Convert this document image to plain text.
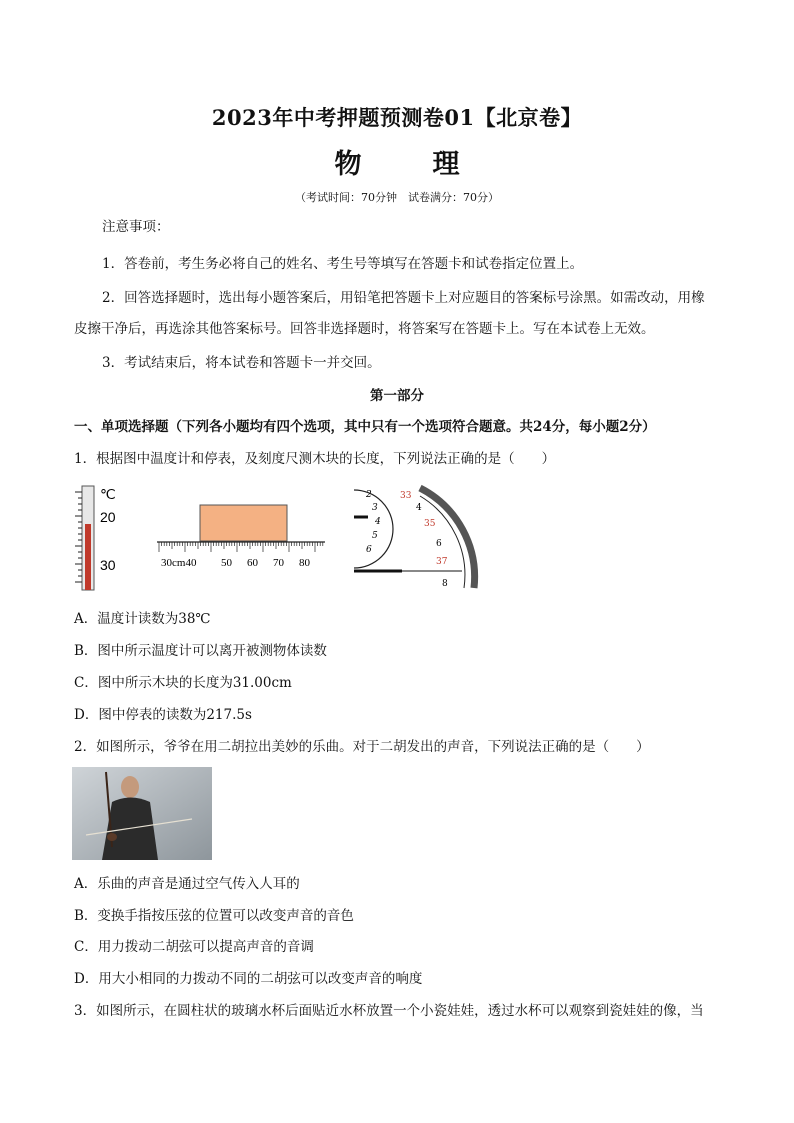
2023年中考押题预测卷01【北京卷】
物　理
（考试时间：70分钟　试卷满分：70分）
注意事项：
1．答卷前，考生务必将自己的姓名、考生号等填写在答题卡和试卷指定位置上。
2．回答选择题时，选出每小题答案后，用铅笔把答题卡上对应题目的答案标号涂黑。如需改动，用橡
皮擦干净后，再选涂其他答案标号。回答非选择题时，将答案写在答题卡上。写在本试卷上无效。
3．考试结束后，将本试卷和答题卡一并交回。
第一部分
一、单项选择题（下列各小题均有四个选项，其中只有一个选项符合题意。共24分，每小题2分）
1．根据图中温度计和停表，及刻度尺测木块的长度，下列说法正确的是（　　）
℃
20
30	30cm40 50 60 70 80
2
3
4
5
6
33
4
35
6
37
8
A．温度计读数为38℃
B．图中所示温度计可以离开被测物体读数
C．图中所示木块的长度为31.00cm
D．图中停表的读数为217.5s
2．如图所示，爷爷在用二胡拉出美妙的乐曲。对于二胡发出的声音，下列说法正确的是（　　）
A．乐曲的声音是通过空气传入人耳的
B．变换手指按压弦的位置可以改变声音的音色
C．用力拨动二胡弦可以提高声音的音调
D．用大小相同的力拨动不同的二胡弦可以改变声音的响度
3．如图所示，在圆柱状的玻璃水杯后面贴近水杯放置一个小瓷娃娃，透过水杯可以观察到瓷娃娃的像，当
